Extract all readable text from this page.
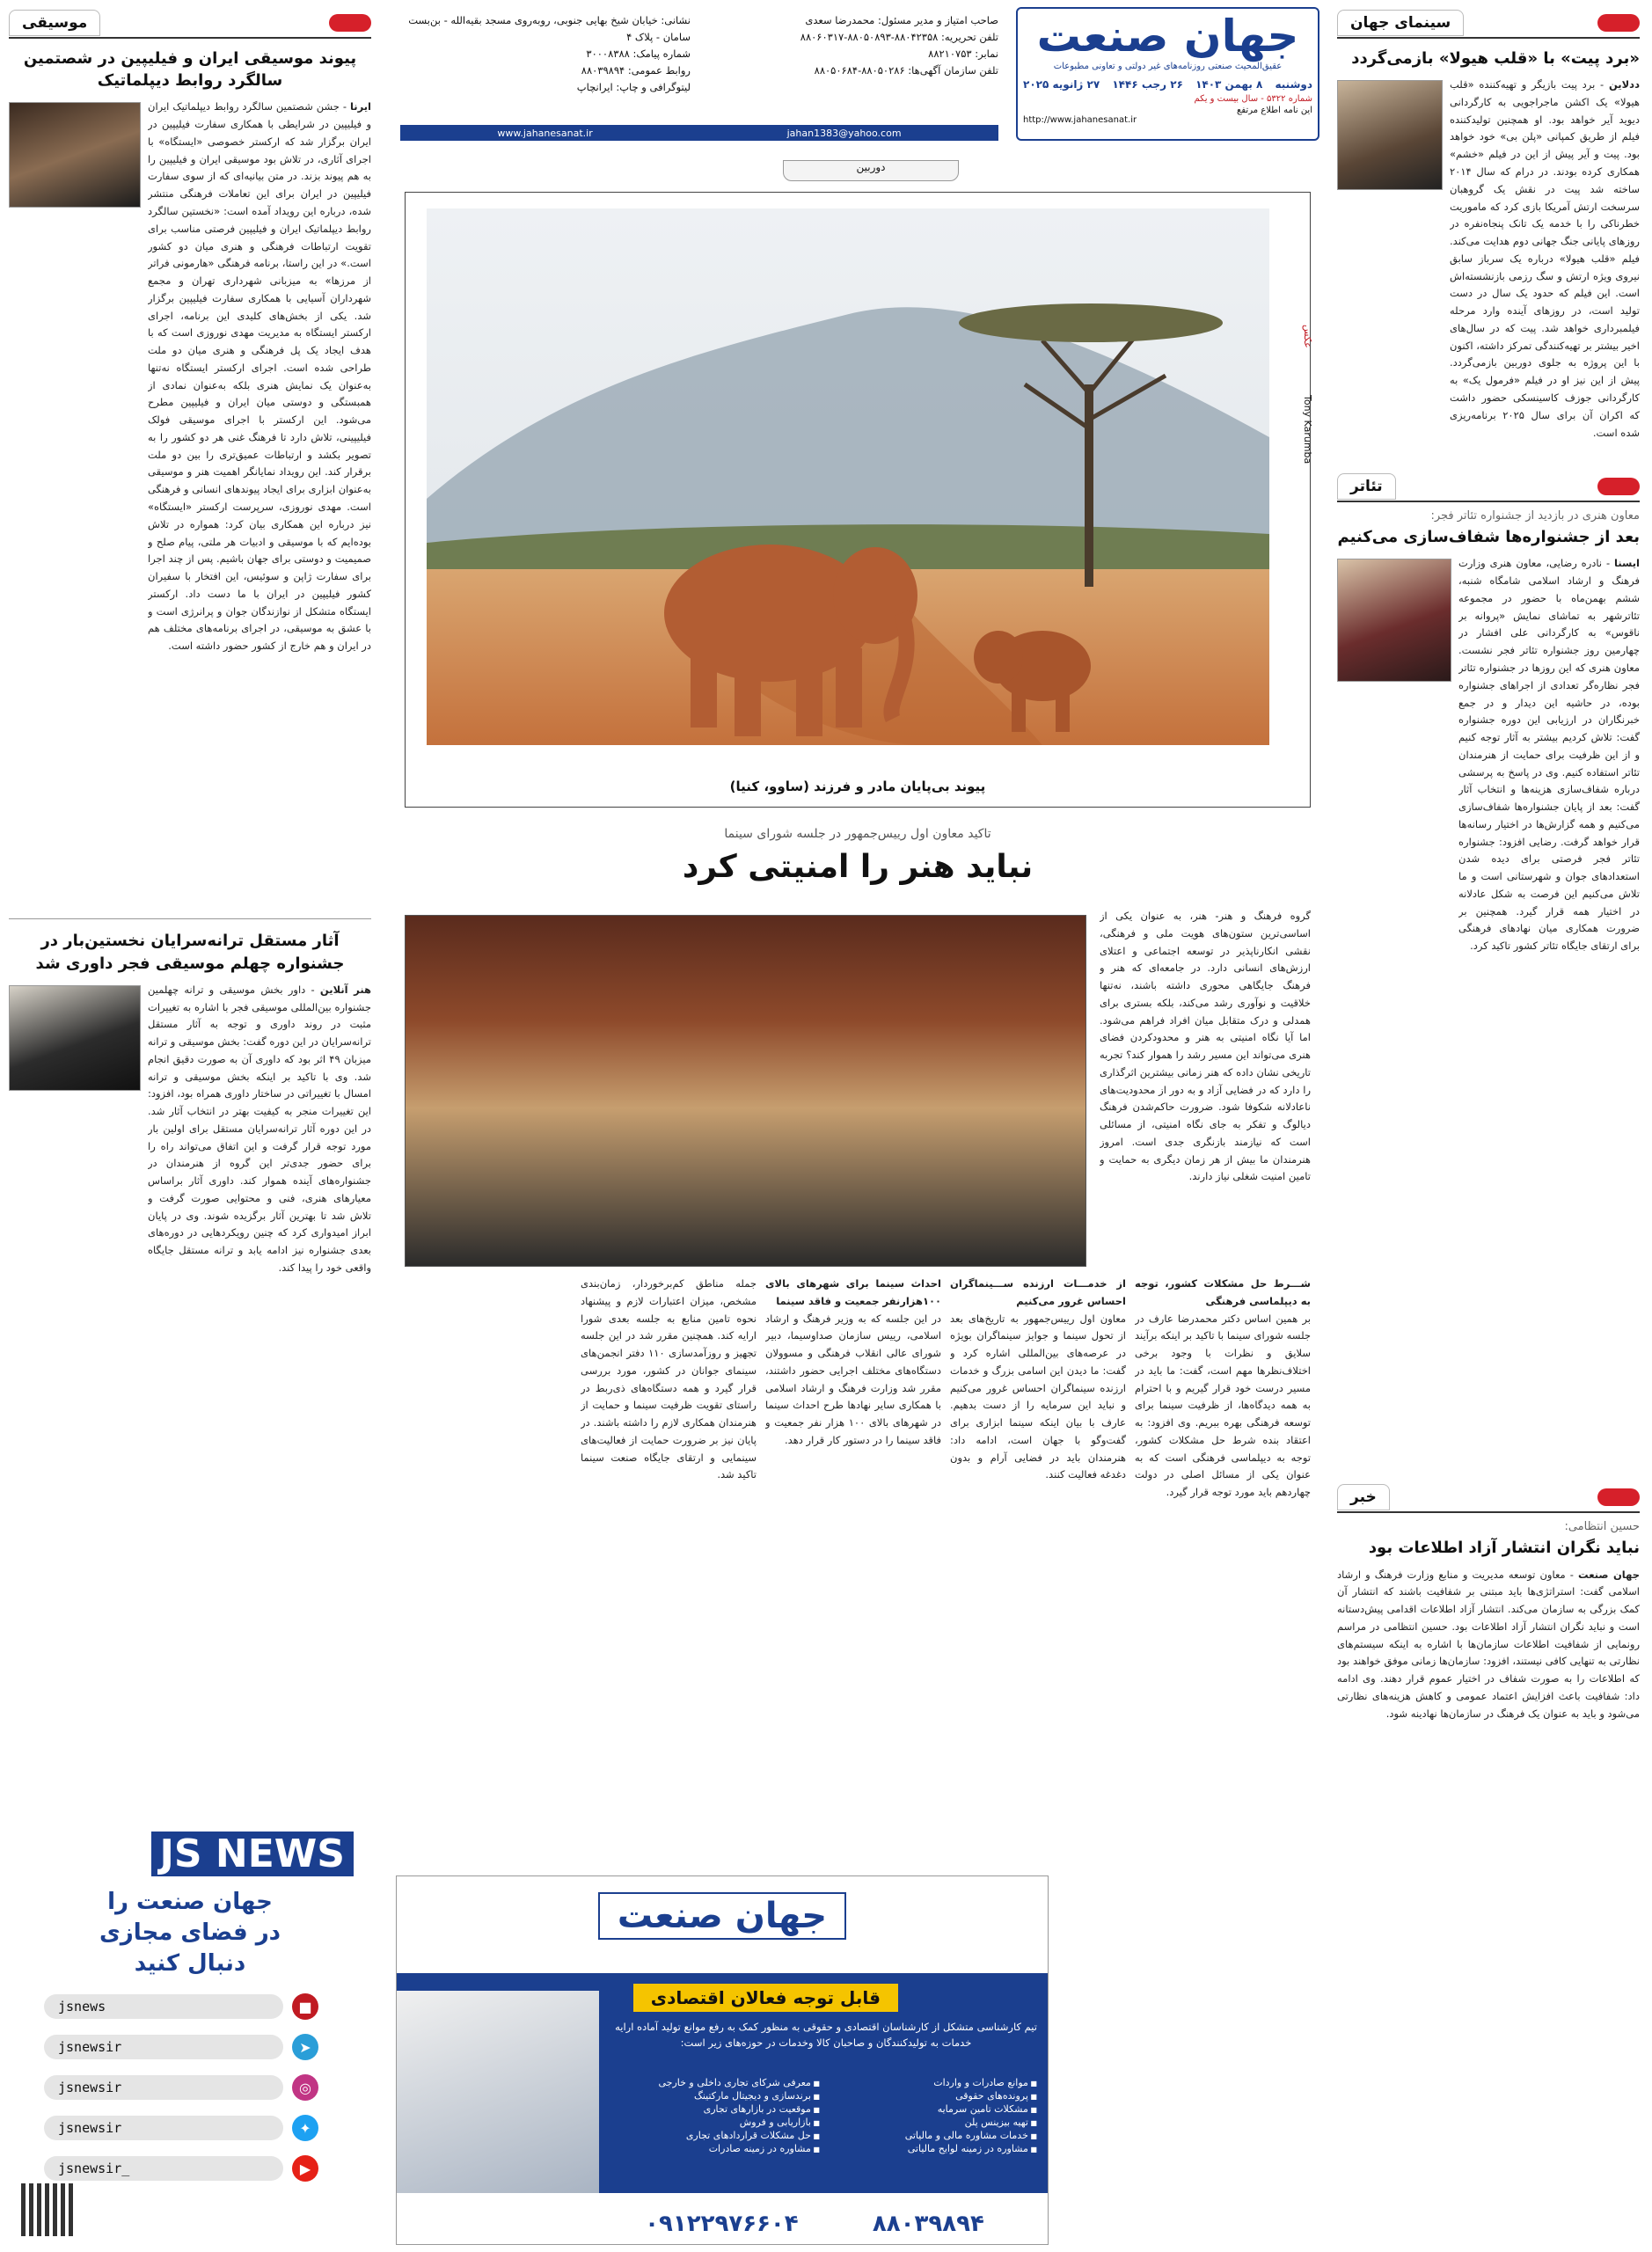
سینمای جهان
«برد پیت» با «قلب هیولا» بازمی‌گردد
ددلاین - برد پیت بازیگر و تهیه‌کننده «قلب هیولا» یک اکشن ماجراجویی به کارگردانی دیوید آیر خواهد بود. او همچنین تولیدکننده فیلم از طریق کمپانی «پلن بی» خود خواهد بود. پیت و آیر پیش از این در فیلم «خشم» همکاری کرده بودند. در درام که سال ۲۰۱۴ ساخته شد پیت در نقش یک گروهبان سرسخت ارتش آمریکا بازی کرد که ماموریت خطرناکی را با خدمه یک تانک پنجاه‌نفره در روزهای پایانی جنگ جهانی دوم هدایت می‌کند. فیلم «قلب هیولا» درباره یک سرباز سابق نیروی ویژه ارتش و سگ رزمی بازنشسته‌اش است. این فیلم که حدود یک سال در دست تولید است، در روزهای آینده وارد مرحله فیلمبرداری خواهد شد. پیت که در سال‌های اخیر بیشتر بر تهیه‌کنندگی تمرکز داشته، اکنون با این پروژه به جلوی دوربین بازمی‌گردد. پیش از این نیز او در فیلم «فرمول یک» به کارگردانی جوزف کاسینسکی حضور داشت که اکران آن برای سال ۲۰۲۵ برنامه‌ریزی شده است.
تئاتر
معاون هنری در بازدید از جشنواره تئاتر فجر:
بعد از جشنواره‌ها شفاف‌سازی می‌کنیم
ایسنا - نادره رضایی، معاون هنری وزارت فرهنگ و ارشاد اسلامی شامگاه شنبه، ششم بهمن‌ماه با حضور در مجموعه تئاترشهر به تماشای نمایش «پروانه بر ناقوس» به کارگردانی علی افشار در چهارمین روز جشنواره تئاتر فجر نشست. معاون هنری که این روزها در جشنواره تئاتر فجر نظاره‌گر تعدادی از اجراهای جشنواره بوده، در حاشیه این دیدار و در جمع خبرنگاران در ارزیابی این دوره جشنواره گفت: تلاش کردیم بیشتر به آثار توجه کنیم و از این ظرفیت برای حمایت از هنرمندان تئاتر استفاده کنیم. وی در پاسخ به پرسشی درباره شفاف‌سازی هزینه‌ها و انتخاب آثار گفت: بعد از پایان جشنواره‌ها شفاف‌سازی می‌کنیم و همه گزارش‌ها در اختیار رسانه‌ها قرار خواهد گرفت. رضایی افزود: جشنواره تئاتر فجر فرصتی برای دیده شدن استعدادهای جوان و شهرستانی است و ما تلاش می‌کنیم این فرصت به شکل عادلانه در اختیار همه قرار گیرد. همچنین بر ضرورت همکاری میان نهادهای فرهنگی برای ارتقای جایگاه تئاتر کشور تاکید کرد.
خبر
حسین انتظامی:
نباید نگران انتشار آزاد اطلاعات بود
جهان صنعت - معاون توسعه مدیریت و منابع وزارت فرهنگ و ارشاد اسلامی گفت: استراتژی‌ها باید مبتنی بر شفافیت باشند که انتشار آن کمک بزرگی به سازمان می‌کند. انتشار آزاد اطلاعات اقدامی پیش‌دستانه است و نباید نگران انتشار آزاد اطلاعات بود. حسین انتظامی در مراسم رونمایی از شفافیت اطلاعات سازمان‌ها با اشاره به اینکه سیستم‌های نظارتی به تنهایی کافی نیستند، افزود: سازمان‌ها زمانی موفق خواهند بود که اطلاعات را به صورت شفاف در اختیار عموم قرار دهند. وی ادامه داد: شفافیت باعث افزایش اعتماد عمومی و کاهش هزینه‌های نظارتی می‌شود و باید به عنوان یک فرهنگ در سازمان‌ها نهادینه شود.
جهان صنعت
عقیق‌المحیث صنعتی روزنامه‌های غیر دولتی و تعاونی مطبوعات
دوشنبه
۸ بهمن ۱۴۰۳
۲۶ رجب ۱۴۴۶
۲۷ ژانویه ۲۰۲۵
شماره ۵۳۲۲ - سال بیست و یکم
این نامه اطلاع مرتفع
http://www.jahanesanat.ir
صاحب امتیاز و مدیر مسئول: محمدرضا سعدی
تلفن تحریریه: ۸۸۰۴۲۳۵۸-۸۸۰۵۰۸۹۳-۸۸۰۶۰۳۱۷
نمابر: ۸۸۲۱۰۷۵۳
تلفن سازمان آگهی‌ها: ۸۸۰۵۰۲۸۶-۸۸۰۵۰۶۸۴
نشانی: خیابان شیخ بهایی جنوبی، روبه‌روی مسجد بقیه‌الله - بن‌بست سامان - پلاک ۴
شماره پیامک: ۳۰۰۰۸۳۸۸
روابط عمومی: ۸۸۰۳۹۸۹۴
لیتوگرافی و چاپ: ایرانچاپ
www.jahanesanat.ir	jahan1383@yahoo.com
دوربین
Tony Karumba
عکس
پیوند بی‌پایان مادر و فرزند (ساوو، کنیا)
تاکید معاون اول رییس‌جمهور در جلسه شورای سینما
نباید هنر را امنیتی کرد
گروه فرهنگ و هنر- هنر، به عنوان یکی از اساسی‌ترین ستون‌های هویت ملی و فرهنگی، نقشی انکارناپذیر در توسعه اجتماعی و اعتلای ارزش‌های انسانی دارد. در جامعه‌ای که هنر و فرهنگ جایگاهی محوری داشته باشند، نه‌تنها خلاقیت و نوآوری رشد می‌کند، بلکه بستری برای همدلی و درک متقابل میان افراد فراهم می‌شود. اما آیا نگاه امنیتی به هنر و محدودکردن فضای هنری می‌تواند این مسیر رشد را هموار کند؟ تجربه تاریخی نشان داده که هنر زمانی بیشترین اثرگذاری را دارد که در فضایی آزاد و به دور از محدودیت‌های ناعادلانه شکوفا شود. ضرورت حاکم‌شدن فرهنگ دیالوگ و تفکر به جای نگاه امنیتی، از مسائلی است که نیازمند بازنگری جدی است. امروز هنرمندان ما بیش از هر زمان دیگری به حمایت و تامین امنیت شغلی نیاز دارند.
شـــرط حل مشکلات کشور، توجه به دیپلماسی فرهنگی
بر همین اساس دکتر محمدرضا عارف در جلسه شورای سینما با تاکید بر اینکه برآیند سلایق و نظرات با وجود برخی اختلاف‌نظرها مهم است، گفت: ما باید در مسیر درست خود قرار گیریم و با احترام به همه دیدگاه‌ها، از ظرفیت سینما برای توسعه فرهنگی بهره ببریم. وی افزود: به اعتقاد بنده شرط حل مشکلات کشور، توجه به دیپلماسی فرهنگی است که به عنوان یکی از مسائل اصلی در دولت چهاردهم باید مورد توجه قرار گیرد.
از خدمـــات ارزنده ســـینماگران احساس غرور می‌کنیم
معاون اول رییس‌جمهور به تاریخ‌های بعد از تحول سینما و جوایز سینماگران بویژه در عرصه‌های بین‌المللی اشاره کرد و گفت: ما دیدن این اسامی بزرگ و خدمات ارزنده سینماگران احساس غرور می‌کنیم و نباید این سرمایه را از دست بدهیم. عارف با بیان اینکه سینما ابزاری برای گفت‌وگو با جهان است، ادامه داد: هنرمندان باید در فضایی آرام و بدون دغدغه فعالیت کنند.
احداث سینما برای شهرهای بالای ۱۰۰هزارنفر جمعیت و فاقد سینما
در این جلسه که به وزیر فرهنگ و ارشاد اسلامی، رییس سازمان صداوسیما، دبیر شورای عالی انقلاب فرهنگی و مسوولان دستگاه‌های مختلف اجرایی حضور داشتند، مقرر شد وزارت فرهنگ و ارشاد اسلامی با همکاری سایر نهادها طرح احداث سینما در شهرهای بالای ۱۰۰ هزار نفر جمعیت و فاقد سینما را در دستور کار قرار دهد.
جمله مناطق کم‌برخوردار، زمان‌بندی مشخص، میزان اعتبارات لازم و پیشنهاد نحوه تامین منابع به جلسه بعدی شورا ارایه کند. همچنین مقرر شد در این جلسه تجهیز و روزآمدسازی ۱۱۰ دفتر انجمن‌های سینمای جوانان در کشور، مورد بررسی قرار گیرد و همه دستگاه‌های ذی‌ربط در راستای تقویت ظرفیت سینما و حمایت از هنرمندان همکاری لازم را داشته باشند. در پایان نیز بر ضرورت حمایت از فعالیت‌های سینمایی و ارتقای جایگاه صنعت سینما تاکید شد.
جهان صنعت
قابل توجه فعالان اقتصادی
تیم کارشناسی متشکل از کارشناسان اقتصادی و حقوقی به منظور کمک به رفع موانع تولید آماده ارایه خدمات به تولیدکنندگان و صاحبان کالا وخدمات در حوزه‌های زیر است:
■ موانع صادرات و واردات
■ معرفی شرکای تجاری داخلی و خارجی
■ پرونده‌های حقوقی
■ برندسازی و دیجیتال مارکتینگ
■ مشکلات تامین سرمایه
■ موقعیت در بازارهای تجاری
■ تهیه بیزینس پلن
■ بازاریابی و فروش
■ خدمات مشاوره مالی و مالیاتی
■ حل مشکلات قراردادهای تجاری
■ مشاوره در زمینه لوایح مالیاتی
■ مشاوره در زمینه صادرات
۰۹۱۲۲۹۷۶۶۰۴	۸۸۰۳۹۸۹۴
موسیقی
پیوند موسیقی ایران و فیلیپین در شصتمین سالگرد روابط دیپلماتیک
ایرنا - جشن شصتمین سالگرد روابط دیپلماتیک ایران و فیلیپین در شرایطی با همکاری سفارت فیلیپین در ایران برگزار شد که ارکستر خصوصی «ایستگاه» با اجرای آثاری، در تلاش بود موسیقی ایران و فیلیپین را به هم پیوند بزند. در متن بیانیه‌ای که از سوی سفارت فیلیپین در ایران برای این تعاملات فرهنگی منتشر شده، درباره این رویداد آمده است: «نخستین سالگرد روابط دیپلماتیک ایران و فیلیپین فرصتی مناسب برای تقویت ارتباطات فرهنگی و هنری میان دو کشور است.» در این راستا، برنامه فرهنگی «هارمونی فراتر از مرزها» به میزبانی شهرداری تهران و مجمع شهرداران آسیایی با همکاری سفارت فیلیپین برگزار شد. یکی از بخش‌های کلیدی این برنامه، اجرای ارکستر ایستگاه به مدیریت مهدی نوروزی است که با هدف ایجاد یک پل فرهنگی و هنری میان دو ملت طراحی شده است. اجرای ارکستر ایستگاه نه‌تنها به‌عنوان یک نمایش هنری بلکه به‌عنوان نمادی از همبستگی و دوستی میان ایران و فیلیپین مطرح می‌شود. این ارکستر با اجرای موسیقی فولک فیلیپینی، تلاش دارد تا فرهنگ غنی هر دو کشور را به تصویر بکشد و ارتباطات عمیق‌تری را بین دو ملت برقرار کند. این رویداد نمایانگر اهمیت هنر و موسیقی به‌عنوان ابزاری برای ایجاد پیوندهای انسانی و فرهنگی است. مهدی نوروزی، سرپرست ارکستر «ایستگاه» نیز درباره این همکاری بیان کرد: همواره در تلاش بوده‌ایم که با موسیقی و ادبیات هر ملتی، پیام صلح و صمیمیت و دوستی برای جهان باشیم. پس از چند اجرا برای سفارت ژاپن و سوئیس، این افتخار با سفیران کشور فیلیپین در ایران با ما دست داد. ارکستر ایستگاه متشکل از نوازندگان جوان و پرانرژی است و با عشق به موسیقی، در اجرای برنامه‌های مختلف هم در ایران و هم خارج از کشور حضور داشته است.
آثار مستقل ترانه‌سرایان نخستین‌بار در جشنواره چهلم موسیقی فجر داوری شد
هنر آنلاین - داور بخش موسیقی و ترانه چهلمین جشنواره بین‌المللی موسیقی فجر با اشاره به تغییرات مثبت در روند داوری و توجه به آثار مستقل ترانه‌سرایان در این دوره گفت: بخش موسیقی و ترانه میزبان ۴۹ اثر بود که داوری آن به صورت دقیق انجام شد. وی با تاکید بر اینکه بخش موسیقی و ترانه امسال با تغییراتی در ساختار داوری همراه بود، افزود: این تغییرات منجر به کیفیت بهتر در انتخاب آثار شد. در این دوره آثار ترانه‌سرایان مستقل برای اولین بار مورد توجه قرار گرفت و این اتفاق می‌تواند راه را برای حضور جدی‌تر این گروه از هنرمندان در جشنواره‌های آینده هموار کند. داوری آثار براساس معیارهای هنری، فنی و محتوایی صورت گرفت و تلاش شد تا بهترین آثار برگزیده شوند. وی در پایان ابراز امیدواری کرد که چنین رویکردهایی در دوره‌های بعدی جشنواره نیز ادامه یابد و ترانه مستقل جایگاه واقعی خود را پیدا کند.
JS NEWS
جهان صنعت را
در فضای مجازی
دنبال کنید
■
jsnews
➤
jsnewsir
◎
jsnewsir
✦
jsnewsir
▶
jsnewsir_
